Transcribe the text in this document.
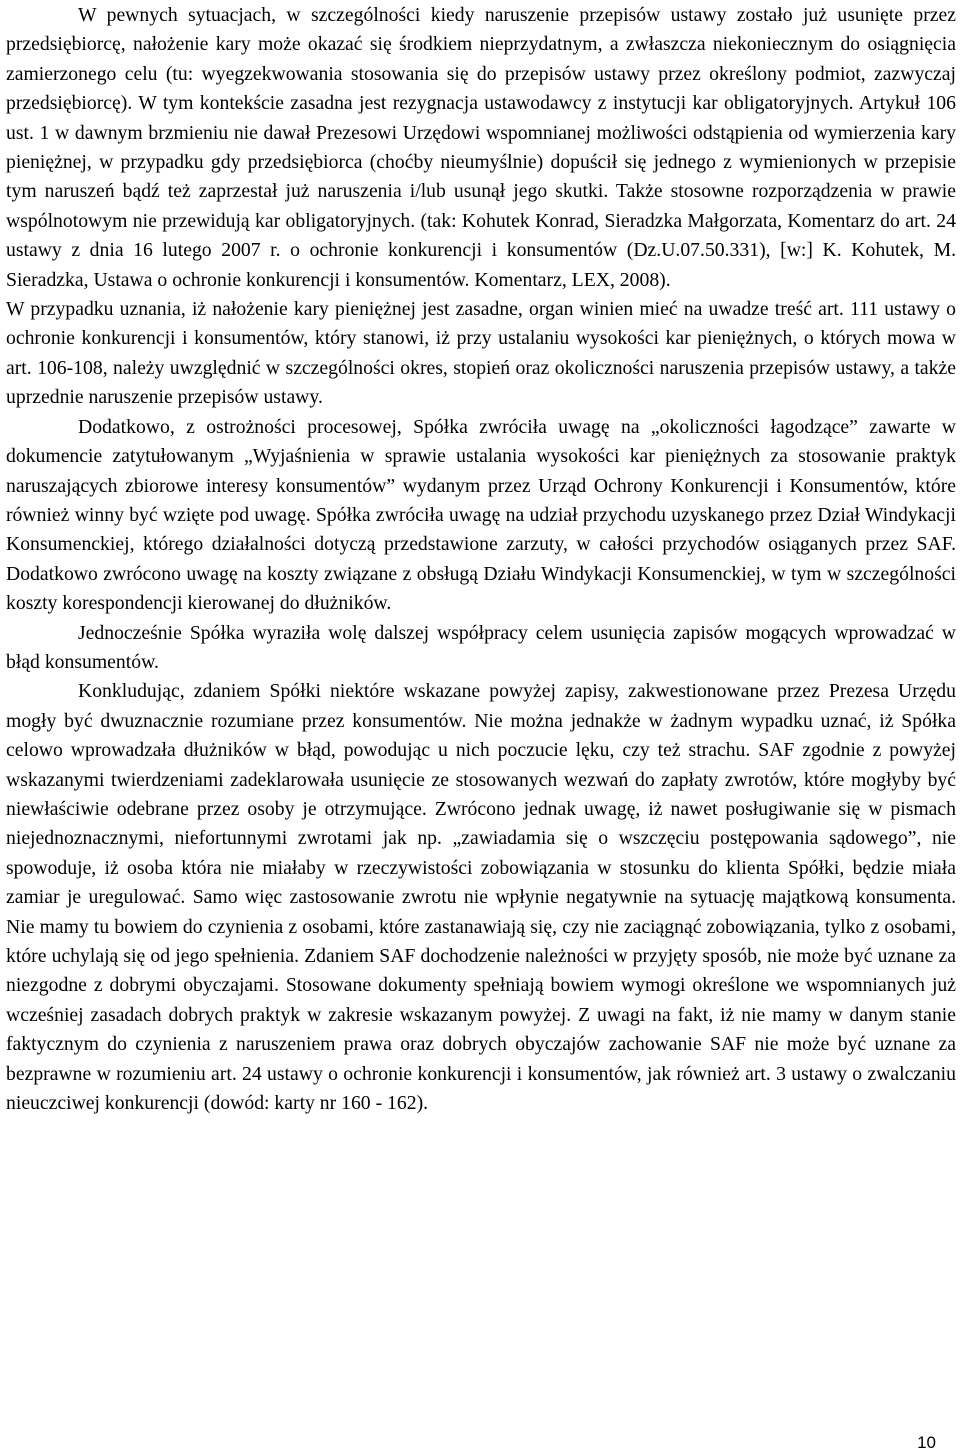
W pewnych sytuacjach, w szczególności kiedy naruszenie przepisów ustawy zostało już usunięte przez przedsiębiorcę, nałożenie kary może okazać się środkiem nieprzydatnym, a zwłaszcza niekoniecznym do osiągnięcia zamierzonego celu (tu: wyegzekwowania stosowania się do przepisów ustawy przez określony podmiot, zazwyczaj przedsiębiorcę). W tym kontekście zasadna jest rezygnacja ustawodawcy z instytucji kar obligatoryjnych. Artykuł 106 ust. 1 w dawnym brzmieniu nie dawał Prezesowi Urzędowi wspomnianej możliwości odstąpienia od wymierzenia kary pieniężnej, w przypadku gdy przedsiębiorca (choćby nieumyślnie) dopuścił się jednego z wymienionych w przepisie tym naruszeń bądź też zaprzestał już naruszenia i/lub usunął jego skutki. Także stosowne rozporządzenia w prawie wspólnotowym nie przewidują kar obligatoryjnych. (tak: Kohutek Konrad, Sieradzka Małgorzata, Komentarz do art. 24 ustawy z dnia 16 lutego 2007 r. o ochronie konkurencji i konsumentów (Dz.U.07.50.331), [w:] K. Kohutek, M. Sieradzka, Ustawa o ochronie konkurencji i konsumentów. Komentarz, LEX, 2008).

W przypadku uznania, iż nałożenie kary pieniężnej jest zasadne, organ winien mieć na uwadze treść art. 111 ustawy o ochronie konkurencji i konsumentów, który stanowi, iż przy ustalaniu wysokości kar pieniężnych, o których mowa w art. 106-108, należy uwzględnić w szczególności okres, stopień oraz okoliczności naruszenia przepisów ustawy, a także uprzednie naruszenie przepisów ustawy.

Dodatkowo, z ostrożności procesowej, Spółka zwróciła uwagę na „okoliczności łagodzące” zawarte w dokumencie zatytułowanym „Wyjaśnienia w sprawie ustalania wysokości kar pieniężnych za stosowanie praktyk naruszających zbiorowe interesy konsumentów” wydanym przez Urząd Ochrony Konkurencji i Konsumentów, które również winny być wzięte pod uwagę. Spółka zwróciła uwagę na udział przychodu uzyskanego przez Dział Windykacji Konsumenckiej, którego działalności dotyczą przedstawione zarzuty, w całości przychodów osiąganych przez SAF. Dodatkowo zwrócono uwagę na koszty związane z obsługą Działu Windykacji Konsumenckiej, w tym w szczególności koszty korespondencji kierowanej do dłużników.

Jednocześnie Spółka wyraziła wolę dalszej współpracy celem usunięcia zapisów mogących wprowadzać w błąd konsumentów.

Konkludując, zdaniem Spółki niektóre wskazane powyżej zapisy, zakwestionowane przez Prezesa Urzędu mogły być dwuznacznie rozumiane przez konsumentów. Nie można jednakże w żadnym wypadku uznać, iż Spółka celowo wprowadzała dłużników w błąd, powodując u nich poczucie lęku, czy też strachu. SAF zgodnie z powyżej wskazanymi twierdzeniami zadeklarowała usunięcie ze stosowanych wezwań do zapłaty zwrotów, które mogłyby być niewłaściwie odebrane przez osoby je otrzymujące. Zwrócono jednak uwagę, iż nawet posługiwanie się w pismach niejednoznacznymi, niefortunnymi zwrotami jak np. „zawiadamia się o wszczęciu postępowania sądowego”, nie spowoduje, iż osoba która nie miałaby w rzeczywistości zobowiązania w stosunku do klienta Spółki, będzie miała zamiar je uregulować. Samo więc zastosowanie zwrotu nie wpłynie negatywnie na sytuację majątkową konsumenta. Nie mamy tu bowiem do czynienia z osobami, które zastanawiają się, czy nie zaciągnąć zobowiązania, tylko z osobami, które uchylają się od jego spełnienia. Zdaniem SAF dochodzenie należności w przyjęty sposób, nie może być uznane za niezgodne z dobrymi obyczajami. Stosowane dokumenty spełniają bowiem wymogi określone we wspomnianych już wcześniej zasadach dobrych praktyk w zakresie wskazanym powyżej. Z uwagi na fakt, iż nie mamy w danym stanie faktycznym do czynienia z naruszeniem prawa oraz dobrych obyczajów zachowanie SAF nie może być uznane za bezprawne w rozumieniu art. 24 ustawy o ochronie konkurencji i konsumentów, jak również art. 3 ustawy o zwalczaniu nieuczciwej konkurencji (dowód: karty nr 160 - 162).

10
